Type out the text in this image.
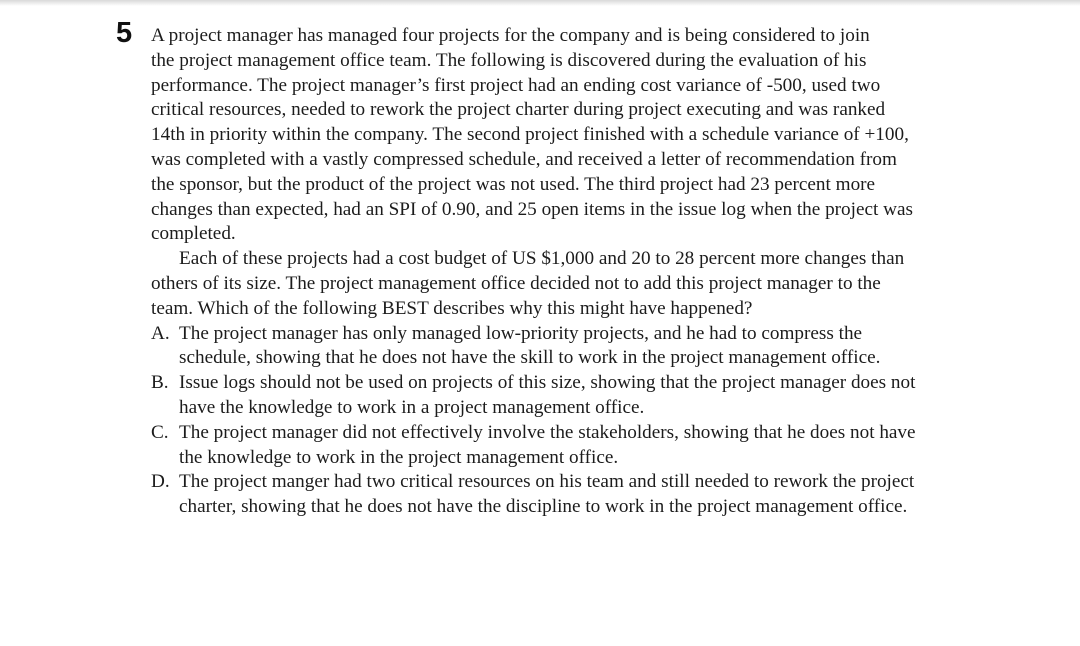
5 A project manager has managed four projects for the company and is being considered to join
the project management office team. The following is discovered during the evaluation of his
performance. The project manager’s first project had an ending cost variance of -500, used two
critical resources, needed to rework the project charter during project executing and was ranked
14th in priority within the company. The second project finished with a schedule variance of +100,
was completed with a vastly compressed schedule, and received a letter of recommendation from
the sponsor, but the product of the project was not used. The third project had 23 percent more
changes than expected, had an SPI of 0.90, and 25 open items in the issue log when the project was
completed.
Each of these projects had a cost budget of US $1,000 and 20 to 28 percent more changes than
others of its size. The project management office decided not to add this project manager to the
team. Which of the following BEST describes why this might have happened?
A. The project manager has only managed low-priority projects, and he had to compress the
schedule, showing that he does not have the skill to work in the project management office.
B. Issue logs should not be used on projects of this size, showing that the project manager does not
have the knowledge to work in a project management office.
C. The project manager did not effectively involve the stakeholders, showing that he does not have
the knowledge to work in the project management office.
D. The project manger had two critical resources on his team and still needed to rework the project
charter, showing that he does not have the discipline to work in the project management office.
